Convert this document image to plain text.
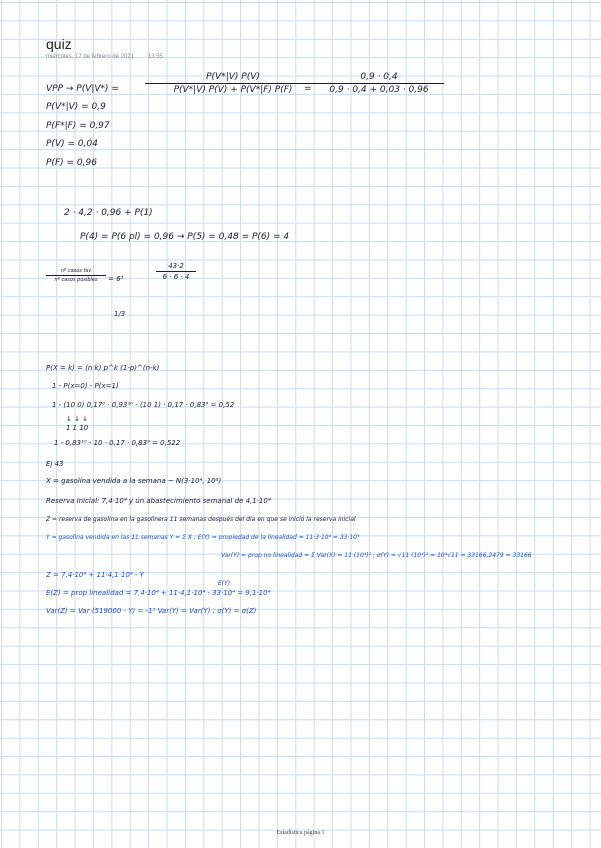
quiz
miércoles, 17 de febrero de 2021 13:55
VPP → P(V|V*) =
P(V*|V) P(V)
P(V*|V) P(V) + P(V*|F) P(F)	=
0,9 · 0,4
0,9 · 0,4 + 0,03 · 0,96
P(V*|V) = 0,9
P(F*|F) = 0,97
P(V) = 0,04
P(F) = 0,96
2 · 4,2 · 0,96 + P(1)
P(4) = P(6 pl) = 0,96 → P(5) = 0,48 = P(6) = 4
nº casos fav
nº casos posibles	= 6³
43·2
6 · 6 · 4
1/3
P(X = k) = (n k) p^k (1-p)^(n-k)
1 - P(x=0) - P(x=1)
1 - (10 0) 0,17⁰ · 0,93¹⁰ - (10 1) · 0,17 · 0,83⁹ = 0,52
↓ ↓ ↓
1 1 10
1 - 0,83¹⁰ - 10 · 0,17 · 0,83⁹ = 0,522
Ej 43
X = gasolina vendida a la semana ~ N(3·10⁴, 10⁸)
Reserva inicial: 7,4·10⁴ y un abastecimiento semanal de 4,1·10⁴
Z = reserva de gasolina en la gasolinera 11 semanas después del día en que se inició la reserva inicial
Y = gasolina vendida en las 11 semanas Y = Σ X ; E(Y) = propiedad de la linealidad = 11·3·10⁴ = 33·10⁴
Var(Y) = prop no linealidad = Σ Var(X) = 11 (10⁴)² ; σ(Y) = √11 (10⁴)² = 10⁴√11 = 33166,2479 ≈ 33166
Z = 7,4·10⁴ + 11·4,1·10⁴ - Y
E(Y)
E(Z) = prop linealidad = 7,4·10⁴ + 11·4,1·10⁴ - 33·10⁴ = 9,1·10⁴
Var(Z) = Var (519000 - Y) = -1² Var(Y) = Var(Y) ; σ(Y) = σ(Z)
Estadística página 1
